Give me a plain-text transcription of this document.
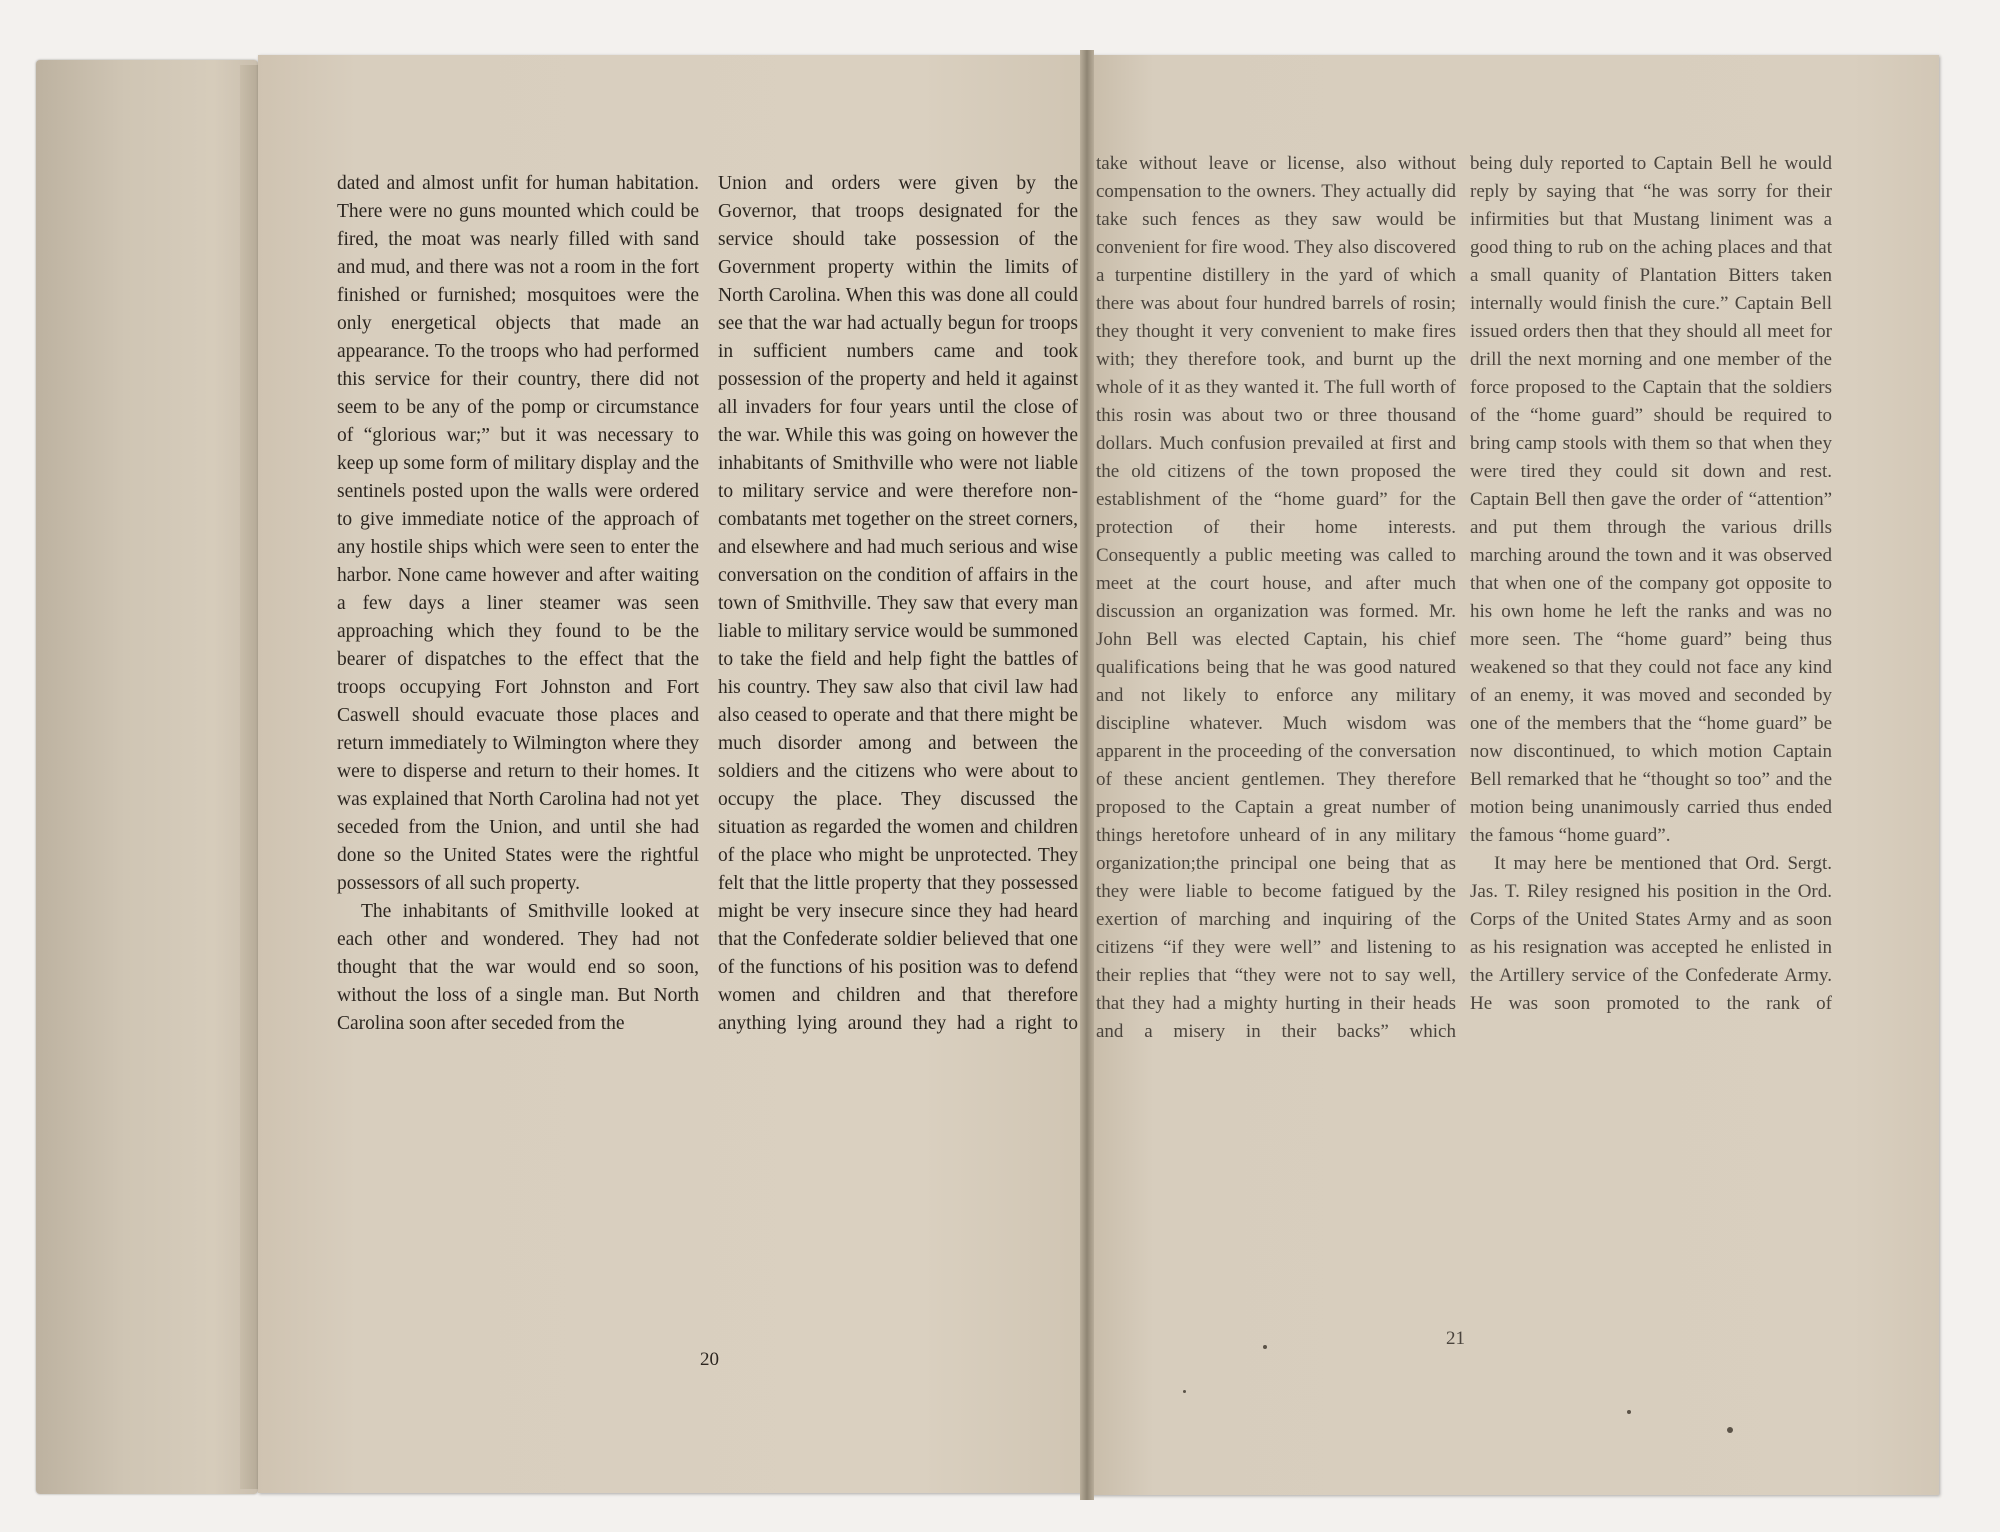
dated and almost unfit for human habitation. There were no guns mounted which could be fired, the moat was nearly filled with sand and mud, and there was not a room in the fort finished or furnished; mosquitoes were the only energetical objects that made an appearance. To the troops who had performed this service for their country, there did not seem to be any of the pomp or circumstance of “glorious war;” but it was necessary to keep up some form of military display and the sentinels posted upon the walls were ordered to give immediate notice of the approach of any hostile ships which were seen to enter the harbor. None came however and after waiting a few days a liner steamer was seen approaching which they found to be the bearer of dispatches to the effect that the troops occupying Fort Johnston and Fort Caswell should evacuate those places and return immediately to Wilmington where they were to disperse and return to their homes. It was explained that North Carolina had not yet seceded from the Union, and until she had done so the United States were the rightful possessors of all such property.

The inhabitants of Smithville looked at each other and wondered. They had not thought that the war would end so soon, without the loss of a single man. But North Carolina soon after seceded from the

Union and orders were given by the Governor, that troops designated for the service should take possession of the Government property within the limits of North Carolina. When this was done all could see that the war had actually begun for troops in sufficient numbers came and took possession of the property and held it against all invaders for four years until the close of the war. While this was going on however the inhabitants of Smithville who were not liable to military service and were therefore non-combatants met together on the street corners, and elsewhere and had much serious and wise conversation on the condition of affairs in the town of Smithville. They saw that every man liable to military service would be summoned to take the field and help fight the battles of his country. They saw also that civil law had also ceased to operate and that there might be much disorder among and between the soldiers and the citizens who were about to occupy the place. They discussed the situation as regarded the women and children of the place who might be unprotected. They felt that the little property that they possessed might be very insecure since they had heard that the Confederate soldier believed that one of the functions of his position was to defend women and children and that therefore anything lying around they had a right to

20

take without leave or license, also without compensation to the owners. They actually did take such fences as they saw would be convenient for fire wood. They also discovered a turpentine distillery in the yard of which there was about four hundred barrels of rosin; they thought it very convenient to make fires with; they therefore took, and burnt up the whole of it as they wanted it. The full worth of this rosin was about two or three thousand dollars. Much confusion prevailed at first and the old citizens of the town proposed the establishment of the “home guard” for the protection of their home interests. Consequently a public meeting was called to meet at the court house, and after much discussion an organization was formed. Mr. John Bell was elected Captain, his chief qualifications being that he was good natured and not likely to enforce any military discipline whatever. Much wisdom was apparent in the proceeding of the conversation of these ancient gentlemen. They therefore proposed to the Captain a great number of things heretofore unheard of in any military organization;the principal one being that as they were liable to become fatigued by the exertion of marching and inquiring of the citizens “if they were well” and listening to their replies that “they were not to say well, that they had a mighty hurting in their heads and a misery in their backs” which

being duly reported to Captain Bell he would reply by saying that “he was sorry for their infirmities but that Mustang liniment was a good thing to rub on the aching places and that a small quanity of Plantation Bitters taken internally would finish the cure.” Captain Bell issued orders then that they should all meet for drill the next morning and one member of the force proposed to the Captain that the soldiers of the “home guard” should be required to bring camp stools with them so that when they were tired they could sit down and rest. Captain Bell then gave the order of “attention” and put them through the various drills marching around the town and it was observed that when one of the company got opposite to his own home he left the ranks and was no more seen. The “home guard” being thus weakened so that they could not face any kind of an enemy, it was moved and seconded by one of the members that the “home guard” be now discontinued, to which motion Captain Bell remarked that he “thought so too” and the motion being unanimously carried thus ended the famous “home guard”.

It may here be mentioned that Ord. Sergt. Jas. T. Riley resigned his position in the Ord. Corps of the United States Army and as soon as his resignation was accepted he enlisted in the Artillery service of the Confederate Army. He was soon promoted to the rank of

21
